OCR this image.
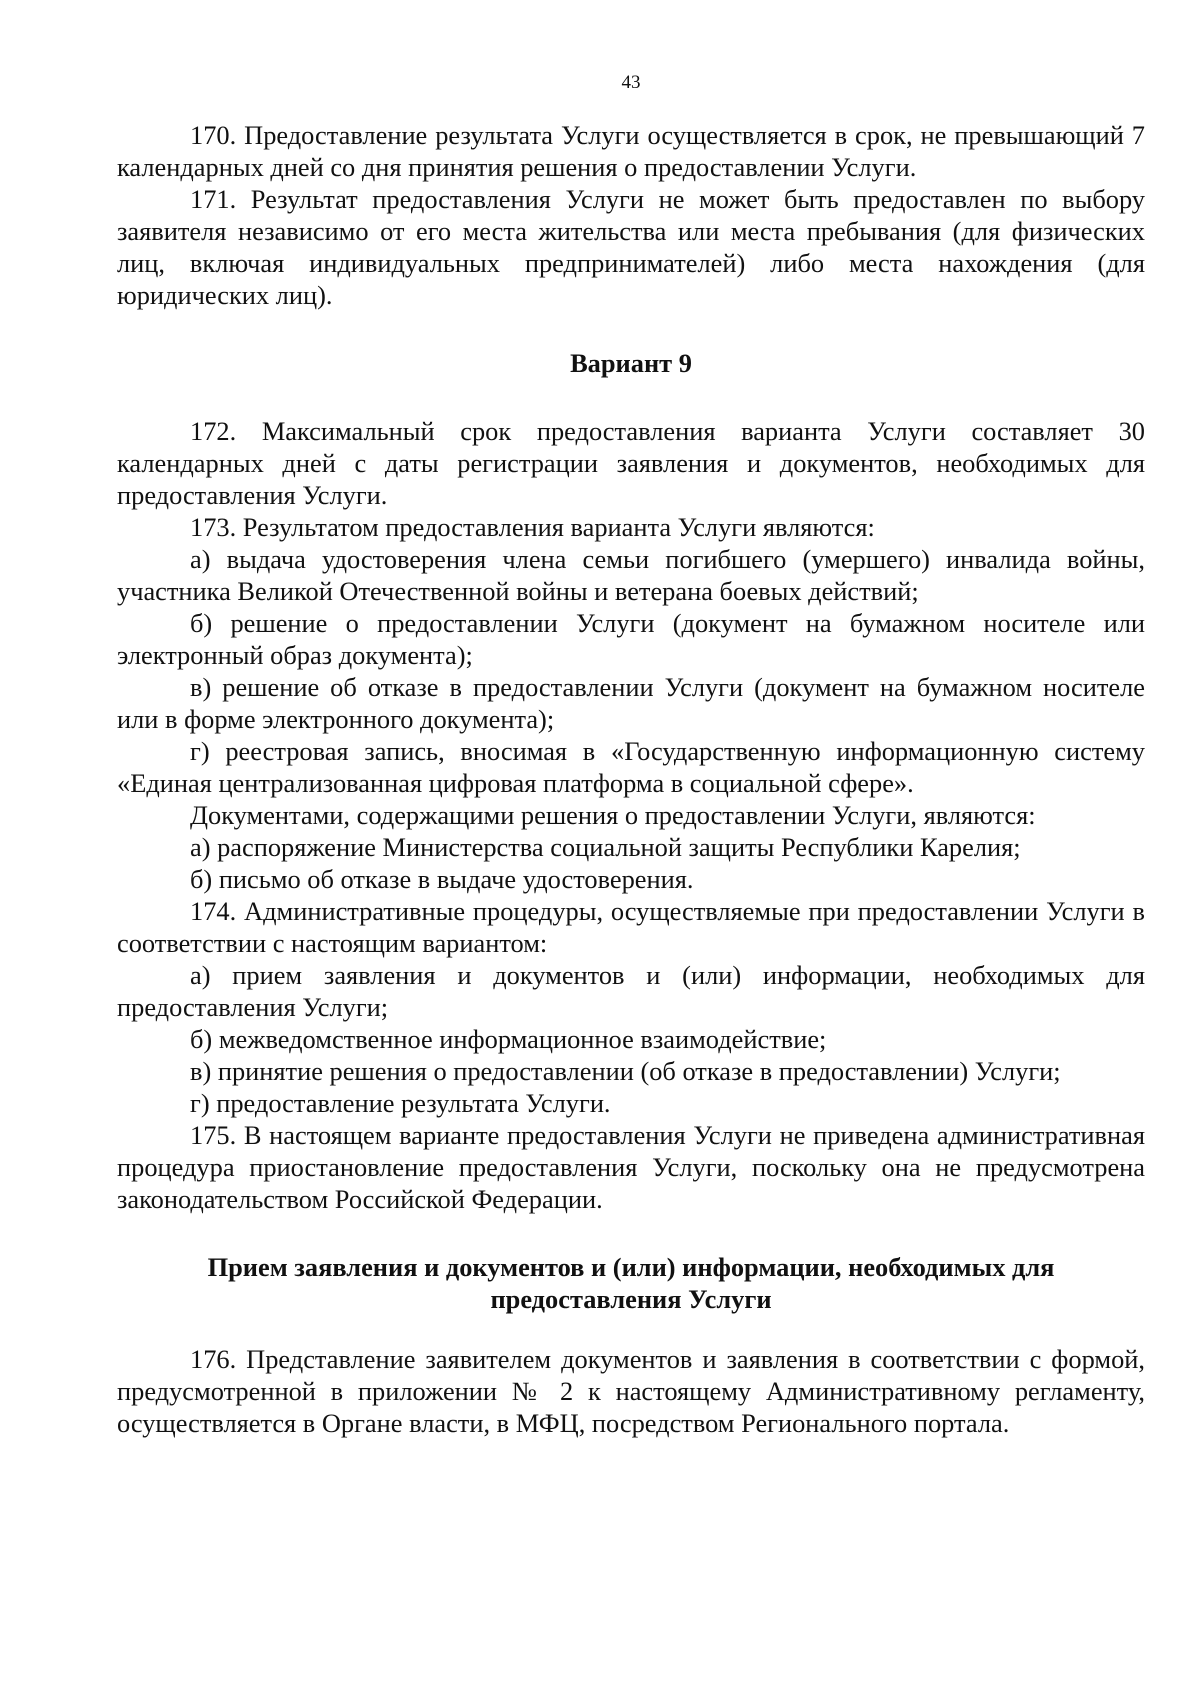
43

170. Предоставление результата Услуги осуществляется в срок, не превышающий 7 календарных дней со дня принятия решения о предоставлении Услуги.

171. Результат предоставления Услуги не может быть предоставлен по выбору заявителя независимо от его места жительства или места пребывания (для физических лиц, включая индивидуальных предпринимателей) либо места нахождения (для юридических лиц).

Вариант 9

172. Максимальный срок предоставления варианта Услуги составляет 30 календарных дней с даты регистрации заявления и документов, необходимых для предоставления Услуги.

173. Результатом предоставления варианта Услуги являются:

а) выдача удостоверения члена семьи погибшего (умершего) инвалида войны, участника Великой Отечественной войны и ветерана боевых действий;

б) решение о предоставлении Услуги (документ на бумажном носителе или электронный образ документа);

в) решение об отказе в предоставлении Услуги (документ на бумажном носителе или в форме электронного документа);

г) реестровая запись, вносимая в «Государственную информационную систему «Единая централизованная цифровая платформа в социальной сфере».

Документами, содержащими решения о предоставлении Услуги, являются:

а) распоряжение Министерства социальной защиты Республики Карелия;

б) письмо об отказе в выдаче удостоверения.

174. Административные процедуры, осуществляемые при предоставлении Услуги в соответствии с настоящим вариантом:

а) прием заявления и документов и (или) информации, необходимых для предоставления Услуги;

б) межведомственное информационное взаимодействие;

в) принятие решения о предоставлении (об отказе в предоставлении) Услуги;

г) предоставление результата Услуги.

175. В настоящем варианте предоставления Услуги не приведена административная процедура приостановление предоставления Услуги, поскольку она не предусмотрена законодательством Российской Федерации.

Прием заявления и документов и (или) информации, необходимых для
предоставления Услуги

176. Представление заявителем документов и заявления в соответствии с формой, предусмотренной в приложении № 2 к настоящему Административному регламенту, осуществляется в Органе власти, в МФЦ, посредством Регионального портала.
